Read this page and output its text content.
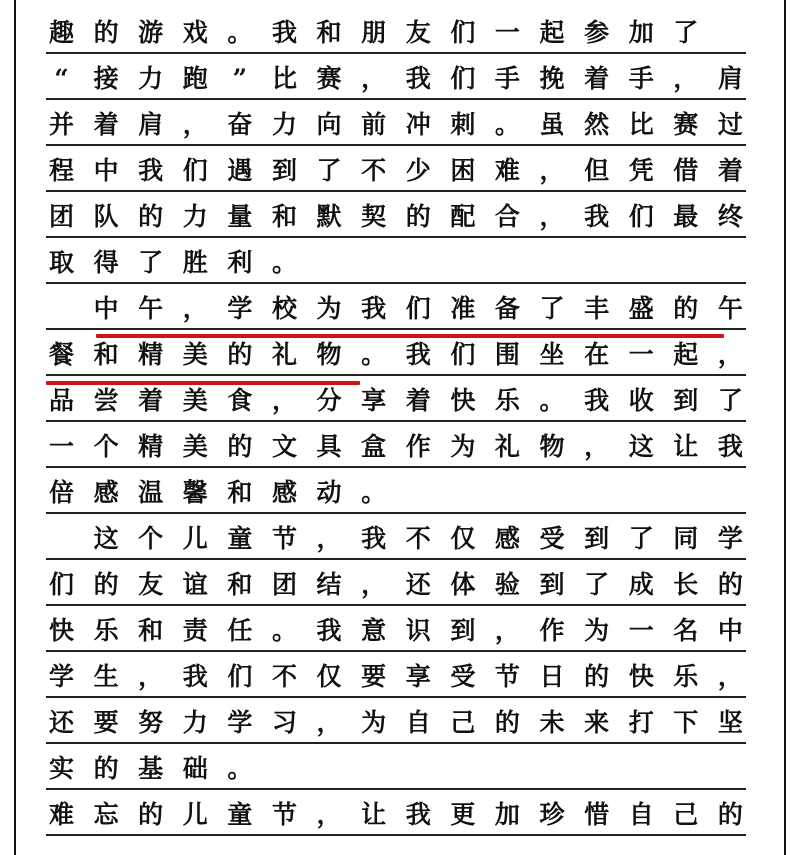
趣 的 游 戏 。 我 和 朋 友 们 一 起 参 加 了
“ 接 力 跑 ” 比 赛 ， 我 们 手 挽 着 手 ， 肩
并 着 肩 ， 奋 力 向 前 冲 刺 。 虽 然 比 赛 过
程 中 我 们 遇 到 了 不 少 困 难 ， 但 凭 借 着
团 队 的 力 量 和 默 契 的 配 合 ， 我 们 最 终
取 得 了 胜 利 。

中 午 ， 学 校 为 我 们 准 备 了 丰 盛 的 午
餐 和 精 美 的 礼 物 。 我 们 围 坐 在 一 起 ，
品 尝 着 美 食 ， 分 享 着 快 乐 。 我 收 到 了
一 个 精 美 的 文 具 盒 作 为 礼 物 ， 这 让 我
倍 感 温 馨 和 感 动 。

这 个 儿 童 节 ， 我 不 仅 感 受 到 了 同 学
们 的 友 谊 和 团 结 ， 还 体 验 到 了 成 长 的
快 乐 和 责 任 。 我 意 识 到 ， 作 为 一 名 中
学 生 ， 我 们 不 仅 要 享 受 节 日 的 快 乐 ，
还 要 努 力 学 习 ， 为 自 己 的 未 来 打 下 坚
实 的 基 础 。
难 忘 的 儿 童 节 ， 让 我 更 加 珍 惜 自 己 的
